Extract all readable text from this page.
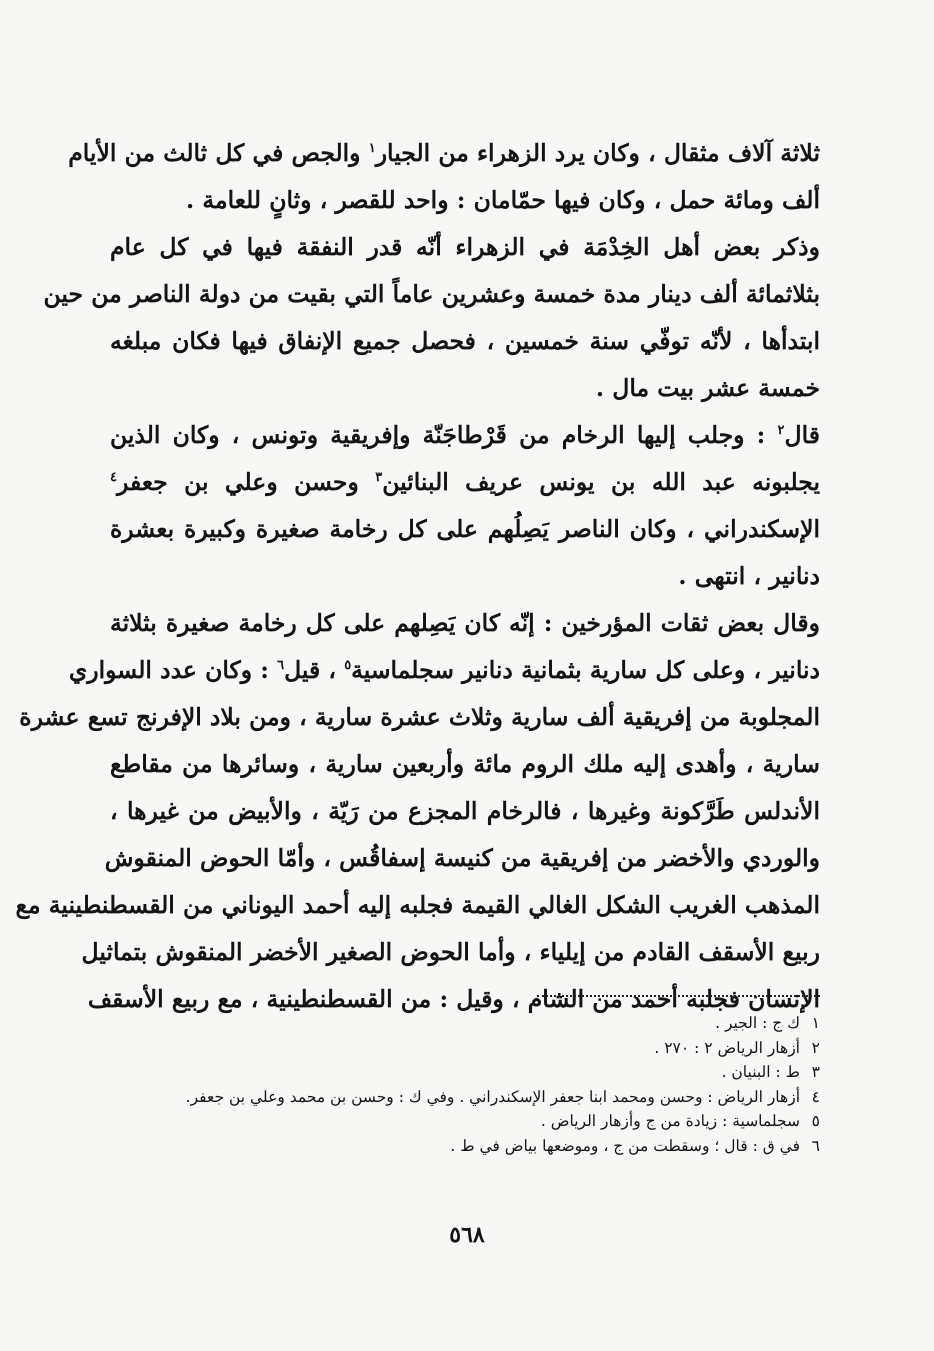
ثلاثة آلاف مثقال ، وكان يرد الزهراء من الجيار$^١$ والجص في كل ثالث من الأيام
ألف ومائة حمل ، وكان فيها حمّامان : واحد للقصر ، وثانٍ للعامة .
وذكر بعض أهل الخِدْمَة في الزهراء أنّه قدر النفقة فيها في كل عام
بثلاثمائة ألف دينار مدة خمسة وعشرين عاماً التي بقيت من دولة الناصر من حين
ابتدأها ، لأنّه توفّي سنة خمسين ، فحصل جميع الإنفاق فيها فكان مبلغه
خمسة عشر بيت مال .
قال$^٢$ : وجلب إليها الرخام من قَرْطاجَنّة وإفريقية وتونس ، وكان الذين
يجلبونه عبد الله بن يونس عريف البنائين$^٣$ وحسن وعلي بن جعفر$^٤$
الإسكندراني ، وكان الناصر يَصِلُهم على كل رخامة صغيرة وكبيرة بعشرة
دنانير ، انتهى .
وقال بعض ثقات المؤرخين : إنّه كان يَصِلهم على كل رخامة صغيرة بثلاثة
دنانير ، وعلى كل سارية بثمانية دنانير سجلماسية$^٥$ ، قيل$^٦$ : وكان عدد السواري
المجلوبة من إفريقية ألف سارية وثلاث عشرة سارية ، ومن بلاد الإفرنج تسع عشرة
سارية ، وأهدى إليه ملك الروم مائة وأربعين سارية ، وسائرها من مقاطع
الأندلس طَرَّكونة وغيرها ، فالرخام المجزع من رَيّة ، والأبيض من غيرها ،
والوردي والأخضر من إفريقية من كنيسة إسفاقُس ، وأمّا الحوض المنقوش
المذهب الغريب الشكل الغالي القيمة فجلبه إليه أحمد اليوناني من القسطنطينية مع
ربيع الأسقف القادم من إيلياء ، وأما الحوض الصغير الأخضر المنقوش بتماثيل
الإنسان فجلبه أحمد من الشام ، وقيل : من القسطنطينية ، مع ربيع الأسقف
١ك ج : الجير .
٢أزهار الرياض ٢ : ٢٧٠ .
٣ط : البنيان .
٤أزهار الرياض : وحسن ومحمد ابنا جعفر الإسكندراني . وفي ك : وحسن بن محمد وعلي بن جعفر.
٥سجلماسية : زيادة من ج وأزهار الرياض .
٦في ق : قال ؛ وسقطت من ج ، وموضعها بياض في ط .
٥٦٨
